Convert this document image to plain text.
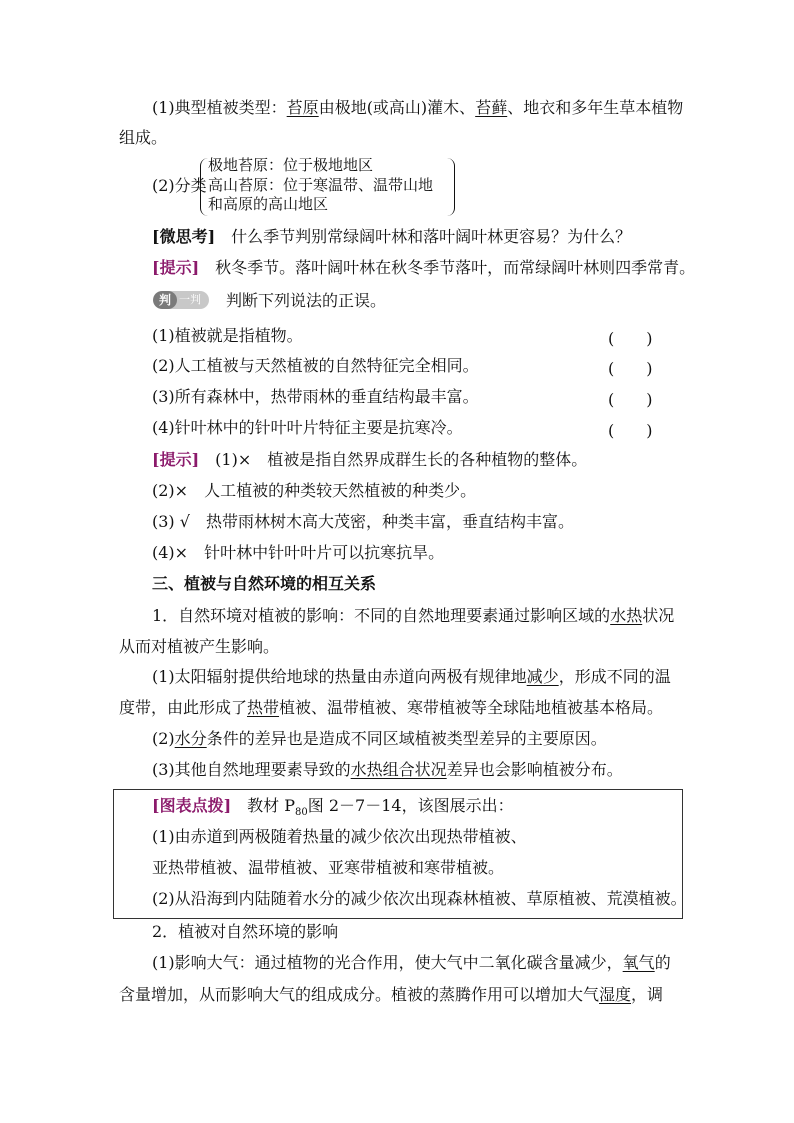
(1)典型植被类型：苔原由极地(或高山)灌木、苔藓、地衣和多年生草本植物
组成。
(2)分类
极地苔原：位于极地地区
高山苔原：位于寒温带、温带山地
和高原的高山地区
[微思考]　 什么季节判别常绿阔叶林和落叶阔叶林更容易？为什么？
[提示]　 秋冬季节。落叶阔叶林在秋冬季节落叶，而常绿阔叶林则四季常青。
判 一判 判断下列说法的正误。
(1)植被就是指植物。	(　　)
(2)人工植被与天然植被的自然特征完全相同。	(　　)
(3)所有森林中，热带雨林的垂直结构最丰富。	(　　)
(4)针叶林中的针叶叶片特征主要是抗寒冷。	(　　)
[提示]　 (1)×　植被是指自然界成群生长的各种植物的整体。
(2)×　人工植被的种类较天然植被的种类少。
(3) √　热带雨林树木高大茂密，种类丰富，垂直结构丰富。
(4)×　针叶林中针叶叶片可以抗寒抗旱。
三、植被与自然环境的相互关系
1．自然环境对植被的影响：不同的自然地理要素通过影响区域的水热状况
从而对植被产生影响。
(1)太阳辐射提供给地球的热量由赤道向两极有规律地减少，形成不同的温
度带，由此形成了热带植被、温带植被、寒带植被等全球陆地植被基本格局。
(2)水分条件的差异也是造成不同区域植被类型差异的主要原因。
(3)其他自然地理要素导致的水热组合状况差异也会影响植被分布。
[图表点拨]　 教材 $P_{80}$图 2－7－14，该图展示出：
(1)由赤道到两极随着热量的减少依次出现热带植被、
亚热带植被、温带植被、亚寒带植被和寒带植被。
(2)从沿海到内陆随着水分的减少依次出现森林植被、草原植被、荒漠植被。
2．植被对自然环境的影响
(1)影响大气：通过植物的光合作用，使大气中二氧化碳含量减少，氧气的
含量增加，从而影响大气的组成成分。植被的蒸腾作用可以增加大气湿度，调
